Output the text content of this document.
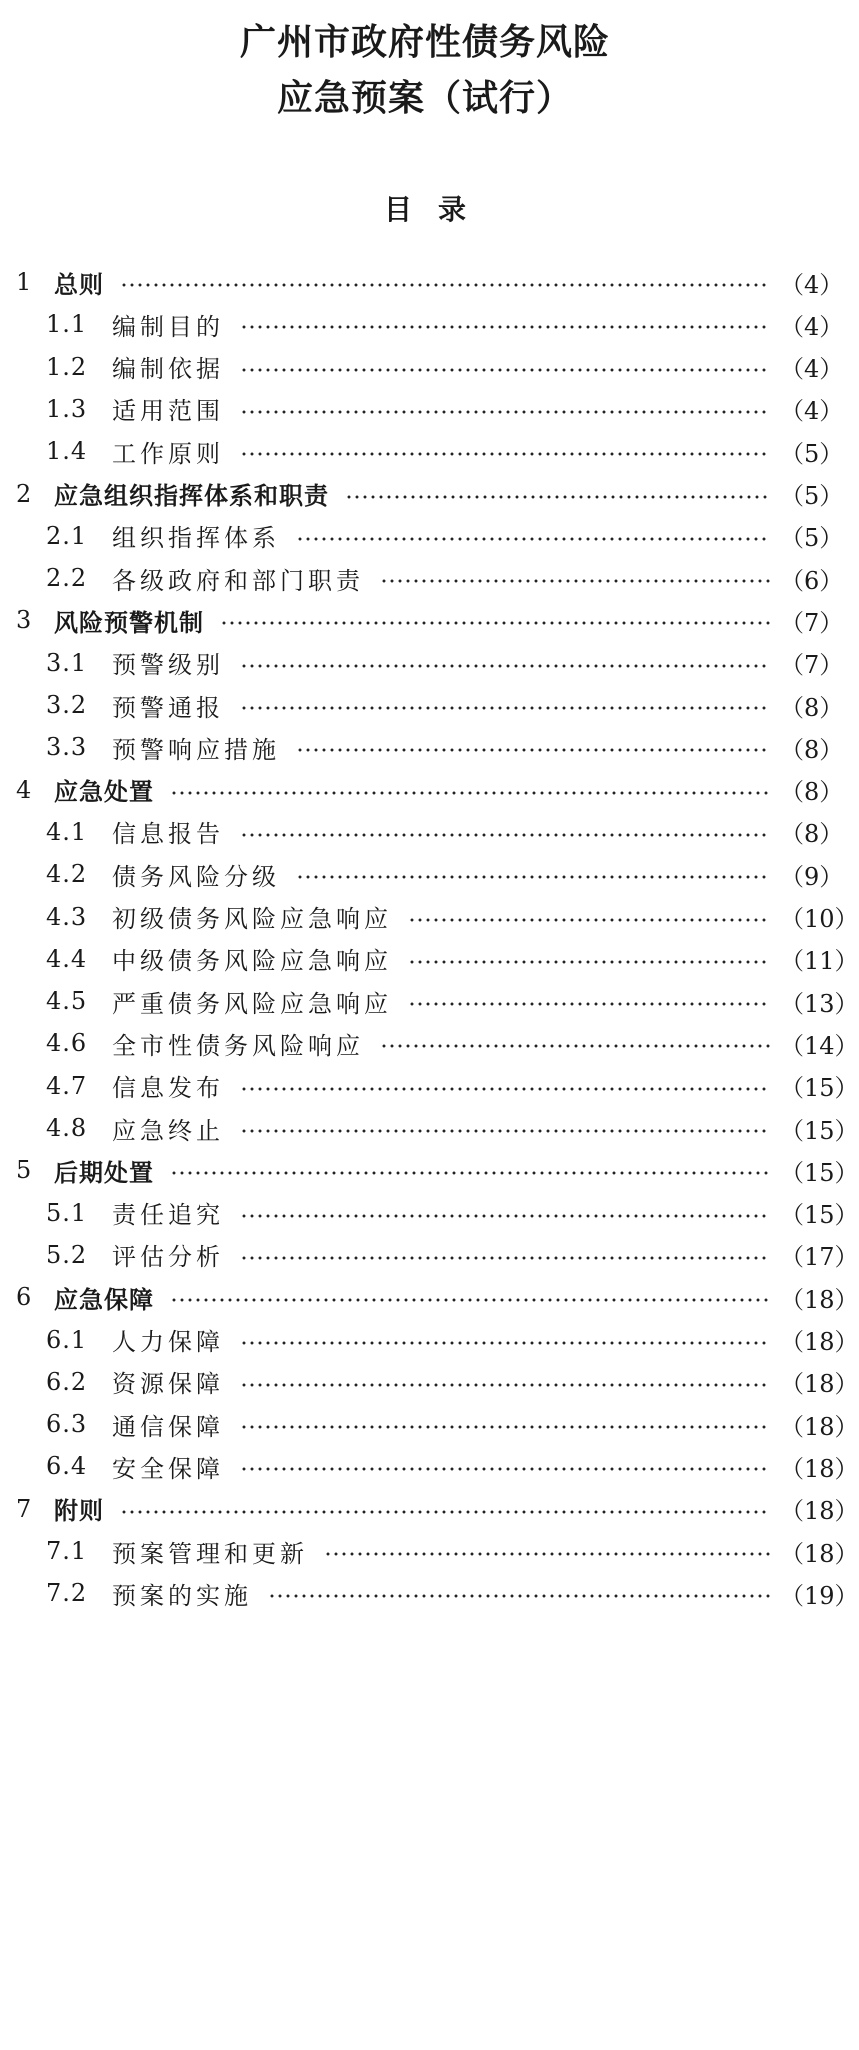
广州市政府性债务风险
应急预案（试行）
目录
1 总则	（4）
1.1	编制目的	（4）
1.2	编制依据	（4）
1.3	适用范围	（4）
1.4	工作原则	（5）
2 应急组织指挥体系和职责	（5）
2.1	组织指挥体系	（5）
2.2	各级政府和部门职责	（6）
3 风险预警机制	（7）
3.1	预警级别	（7）
3.2	预警通报	（8）
3.3	预警响应措施	（8）
4 应急处置	（8）
4.1	信息报告	（8）
4.2	债务风险分级	（9）
4.3	初级债务风险应急响应	（10）
4.4	中级债务风险应急响应	（11）
4.5	严重债务风险应急响应	（13）
4.6	全市性债务风险响应	（14）
4.7	信息发布	（15）
4.8	应急终止	（15）
5 后期处置	（15）
5.1	责任追究	（15）
5.2	评估分析	（17）
6 应急保障	（18）
6.1	人力保障	（18）
6.2	资源保障	（18）
6.3	通信保障	（18）
6.4	安全保障	（18）
7 附则	（18）
7.1	预案管理和更新	（18）
7.2	预案的实施	（19）
